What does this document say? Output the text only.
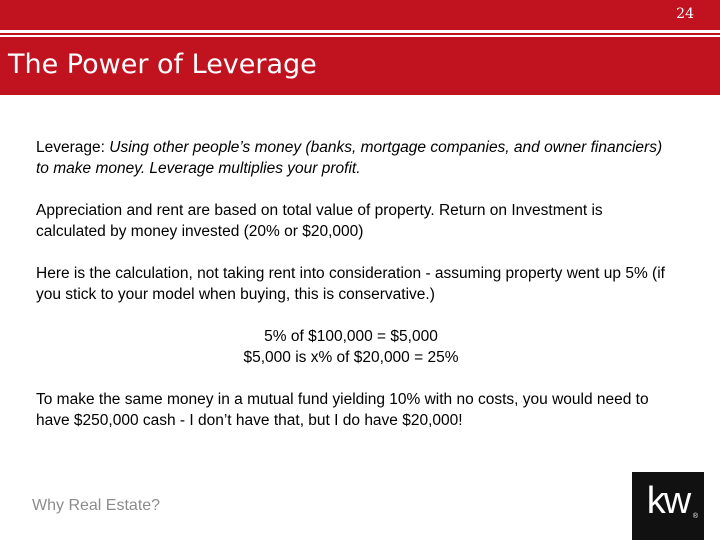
24
The Power of Leverage

Leverage: Using other people’s money (banks, mortgage companies, and owner financiers) to make money. Leverage multiplies your profit.

Appreciation and rent are based on total value of property. Return on Investment is calculated by money invested (20% or $20,000)

Here is the calculation, not taking rent into consideration - assuming property went up 5% (if you stick to your model when buying, this is conservative.)

5% of $100,000 = $5,000
$5,000 is x% of $20,000 = 25%

To make the same money in a mutual fund yielding 10% with no costs, you would need to have $250,000 cash - I don’t have that, but I do have $20,000!

Why Real Estate?	kw ®
